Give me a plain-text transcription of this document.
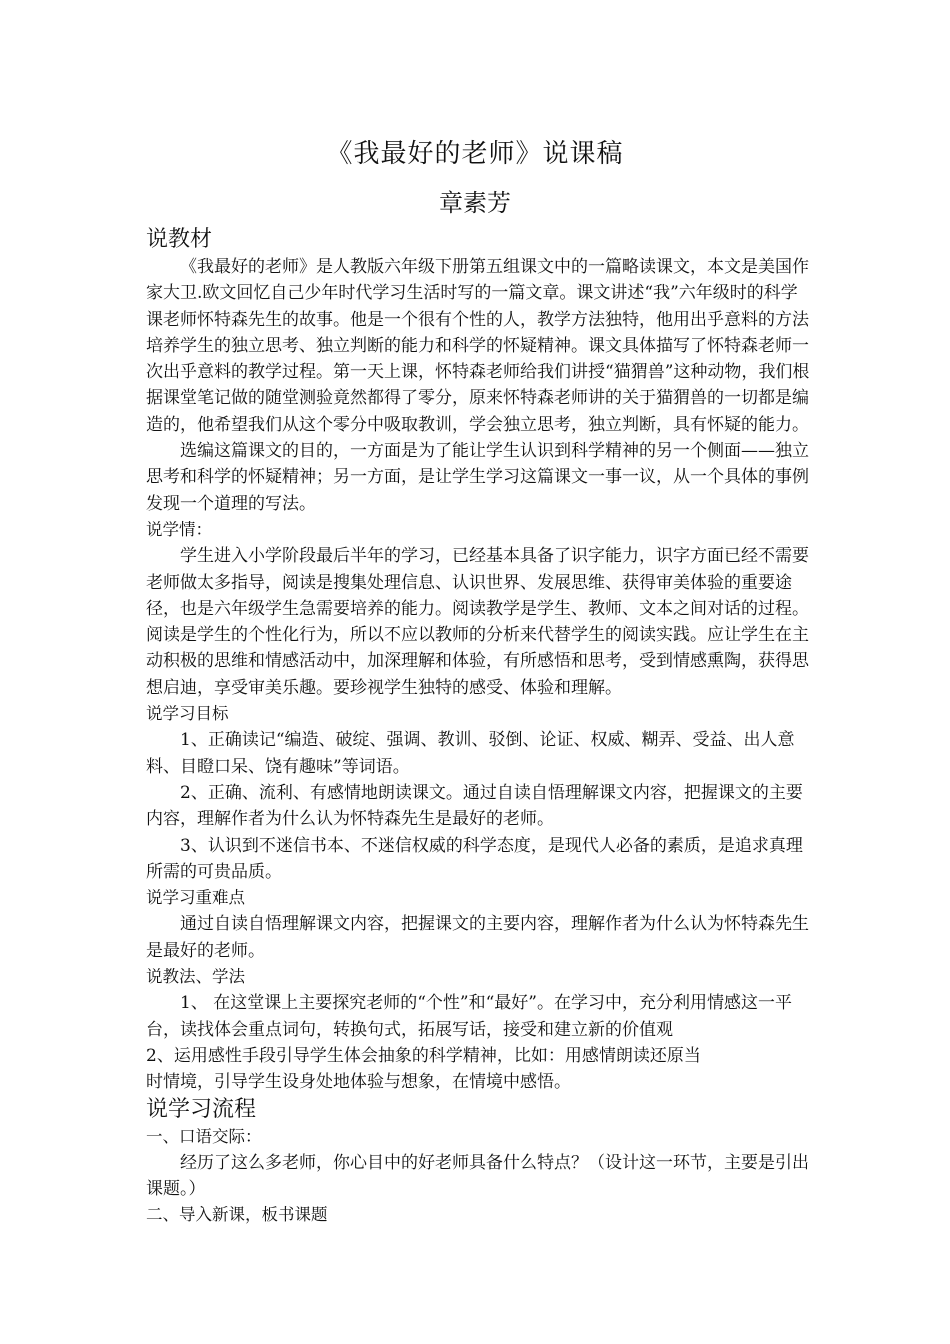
《我最好的老师》说课稿
章素芳

说教材

《我最好的老师》是人教版六年级下册第五组课文中的一篇略读课文，本文是美国作家大卫.欧文回忆自己少年时代学习生活时写的一篇文章。课文讲述“我”六年级时的科学课老师怀特森先生的故事。他是一个很有个性的人，教学方法独特，他用出乎意料的方法培养学生的独立思考、独立判断的能力和科学的怀疑精神。课文具体描写了怀特森老师一次出乎意料的教学过程。第一天上课，怀特森老师给我们讲授“猫猬兽”这种动物，我们根据课堂笔记做的随堂测验竟然都得了零分，原来怀特森老师讲的关于猫猬兽的一切都是编造的，他希望我们从这个零分中吸取教训，学会独立思考，独立判断，具有怀疑的能力。

选编这篇课文的目的，一方面是为了能让学生认识到科学精神的另一个侧面——独立思考和科学的怀疑精神；另一方面，是让学生学习这篇课文一事一议，从一个具体的事例发现一个道理的写法。

说学情：

学生进入小学阶段最后半年的学习，已经基本具备了识字能力，识字方面已经不需要老师做太多指导，阅读是搜集处理信息、认识世界、发展思维、获得审美体验的重要途径，也是六年级学生急需要培养的能力。阅读教学是学生、教师、文本之间对话的过程。阅读是学生的个性化行为，所以不应以教师的分析来代替学生的阅读实践。应让学生在主动积极的思维和情感活动中，加深理解和体验，有所感悟和思考，受到情感熏陶，获得思想启迪，享受审美乐趣。要珍视学生独特的感受、体验和理解。

说学习目标

1、正确读记“编造、破绽、强调、教训、驳倒、论证、权威、糊弄、受益、出人意料、目瞪口呆、饶有趣味”等词语。

2、正确、流利、有感情地朗读课文。通过自读自悟理解课文内容，把握课文的主要内容，理解作者为什么认为怀特森先生是最好的老师。

3、认识到不迷信书本、不迷信权威的科学态度，是现代人必备的素质，是追求真理所需的可贵品质。

说学习重难点

通过自读自悟理解课文内容，把握课文的主要内容，理解作者为什么认为怀特森先生是最好的老师。

说教法、学法

1、 在这堂课上主要探究老师的“个性”和“最好”。在学习中，充分利用情感这一平台，读找体会重点词句，转换句式，拓展写话，接受和建立新的价值观

2、运用感性手段引导学生体会抽象的科学精神，比如：用感情朗读还原当

时情境，引导学生设身处地体验与想象，在情境中感悟。

说学习流程

一、口语交际：

经历了这么多老师，你心目中的好老师具备什么特点？（设计这一环节，主要是引出课题。）

二、导入新课，板书课题
